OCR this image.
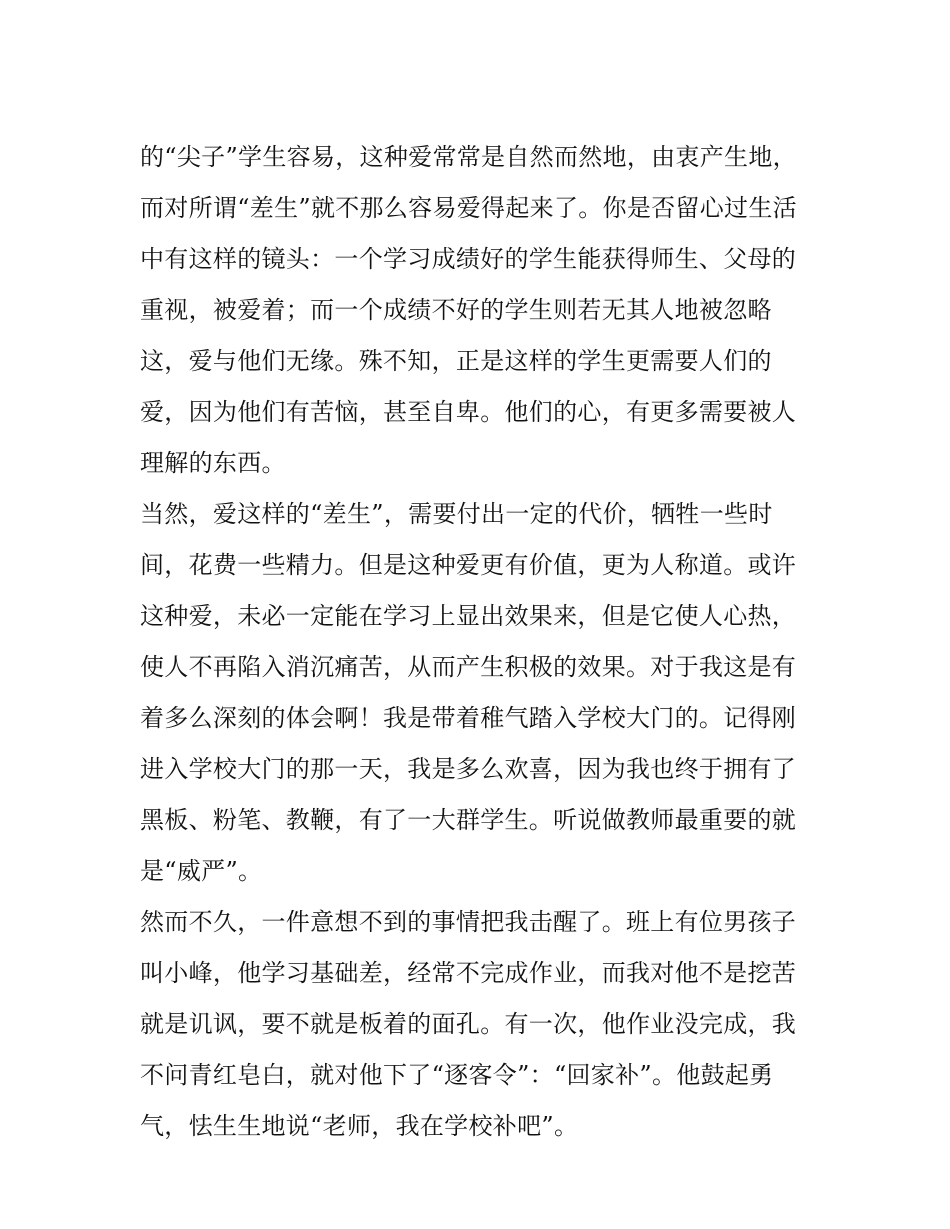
的“尖子”学生容易，这种爱常常是自然而然地，由衷产生地，
而对所谓“差生”就不那么容易爱得起来了。你是否留心过生活
中有这样的镜头：一个学习成绩好的学生能获得师生、父母的
重视，被爱着；而一个成绩不好的学生则若无其人地被忽略
这，爱与他们无缘。殊不知，正是这样的学生更需要人们的
爱，因为他们有苦恼，甚至自卑。他们的心，有更多需要被人
理解的东西。
当然，爱这样的“差生”，需要付出一定的代价，牺牲一些时
间，花费一些精力。但是这种爱更有价值，更为人称道。或许
这种爱，未必一定能在学习上显出效果来，但是它使人心热，
使人不再陷入消沉痛苦，从而产生积极的效果。对于我这是有
着多么深刻的体会啊！我是带着稚气踏入学校大门的。记得刚
进入学校大门的那一天，我是多么欢喜，因为我也终于拥有了
黑板、粉笔、教鞭，有了一大群学生。听说做教师最重要的就
是“威严”。
然而不久，一件意想不到的事情把我击醒了。班上有位男孩子
叫小峰，他学习基础差，经常不完成作业，而我对他不是挖苦
就是讥讽，要不就是板着的面孔。有一次，他作业没完成，我
不问青红皂白，就对他下了“逐客令”：“回家补”。他鼓起勇
气，怯生生地说“老师，我在学校补吧”。
